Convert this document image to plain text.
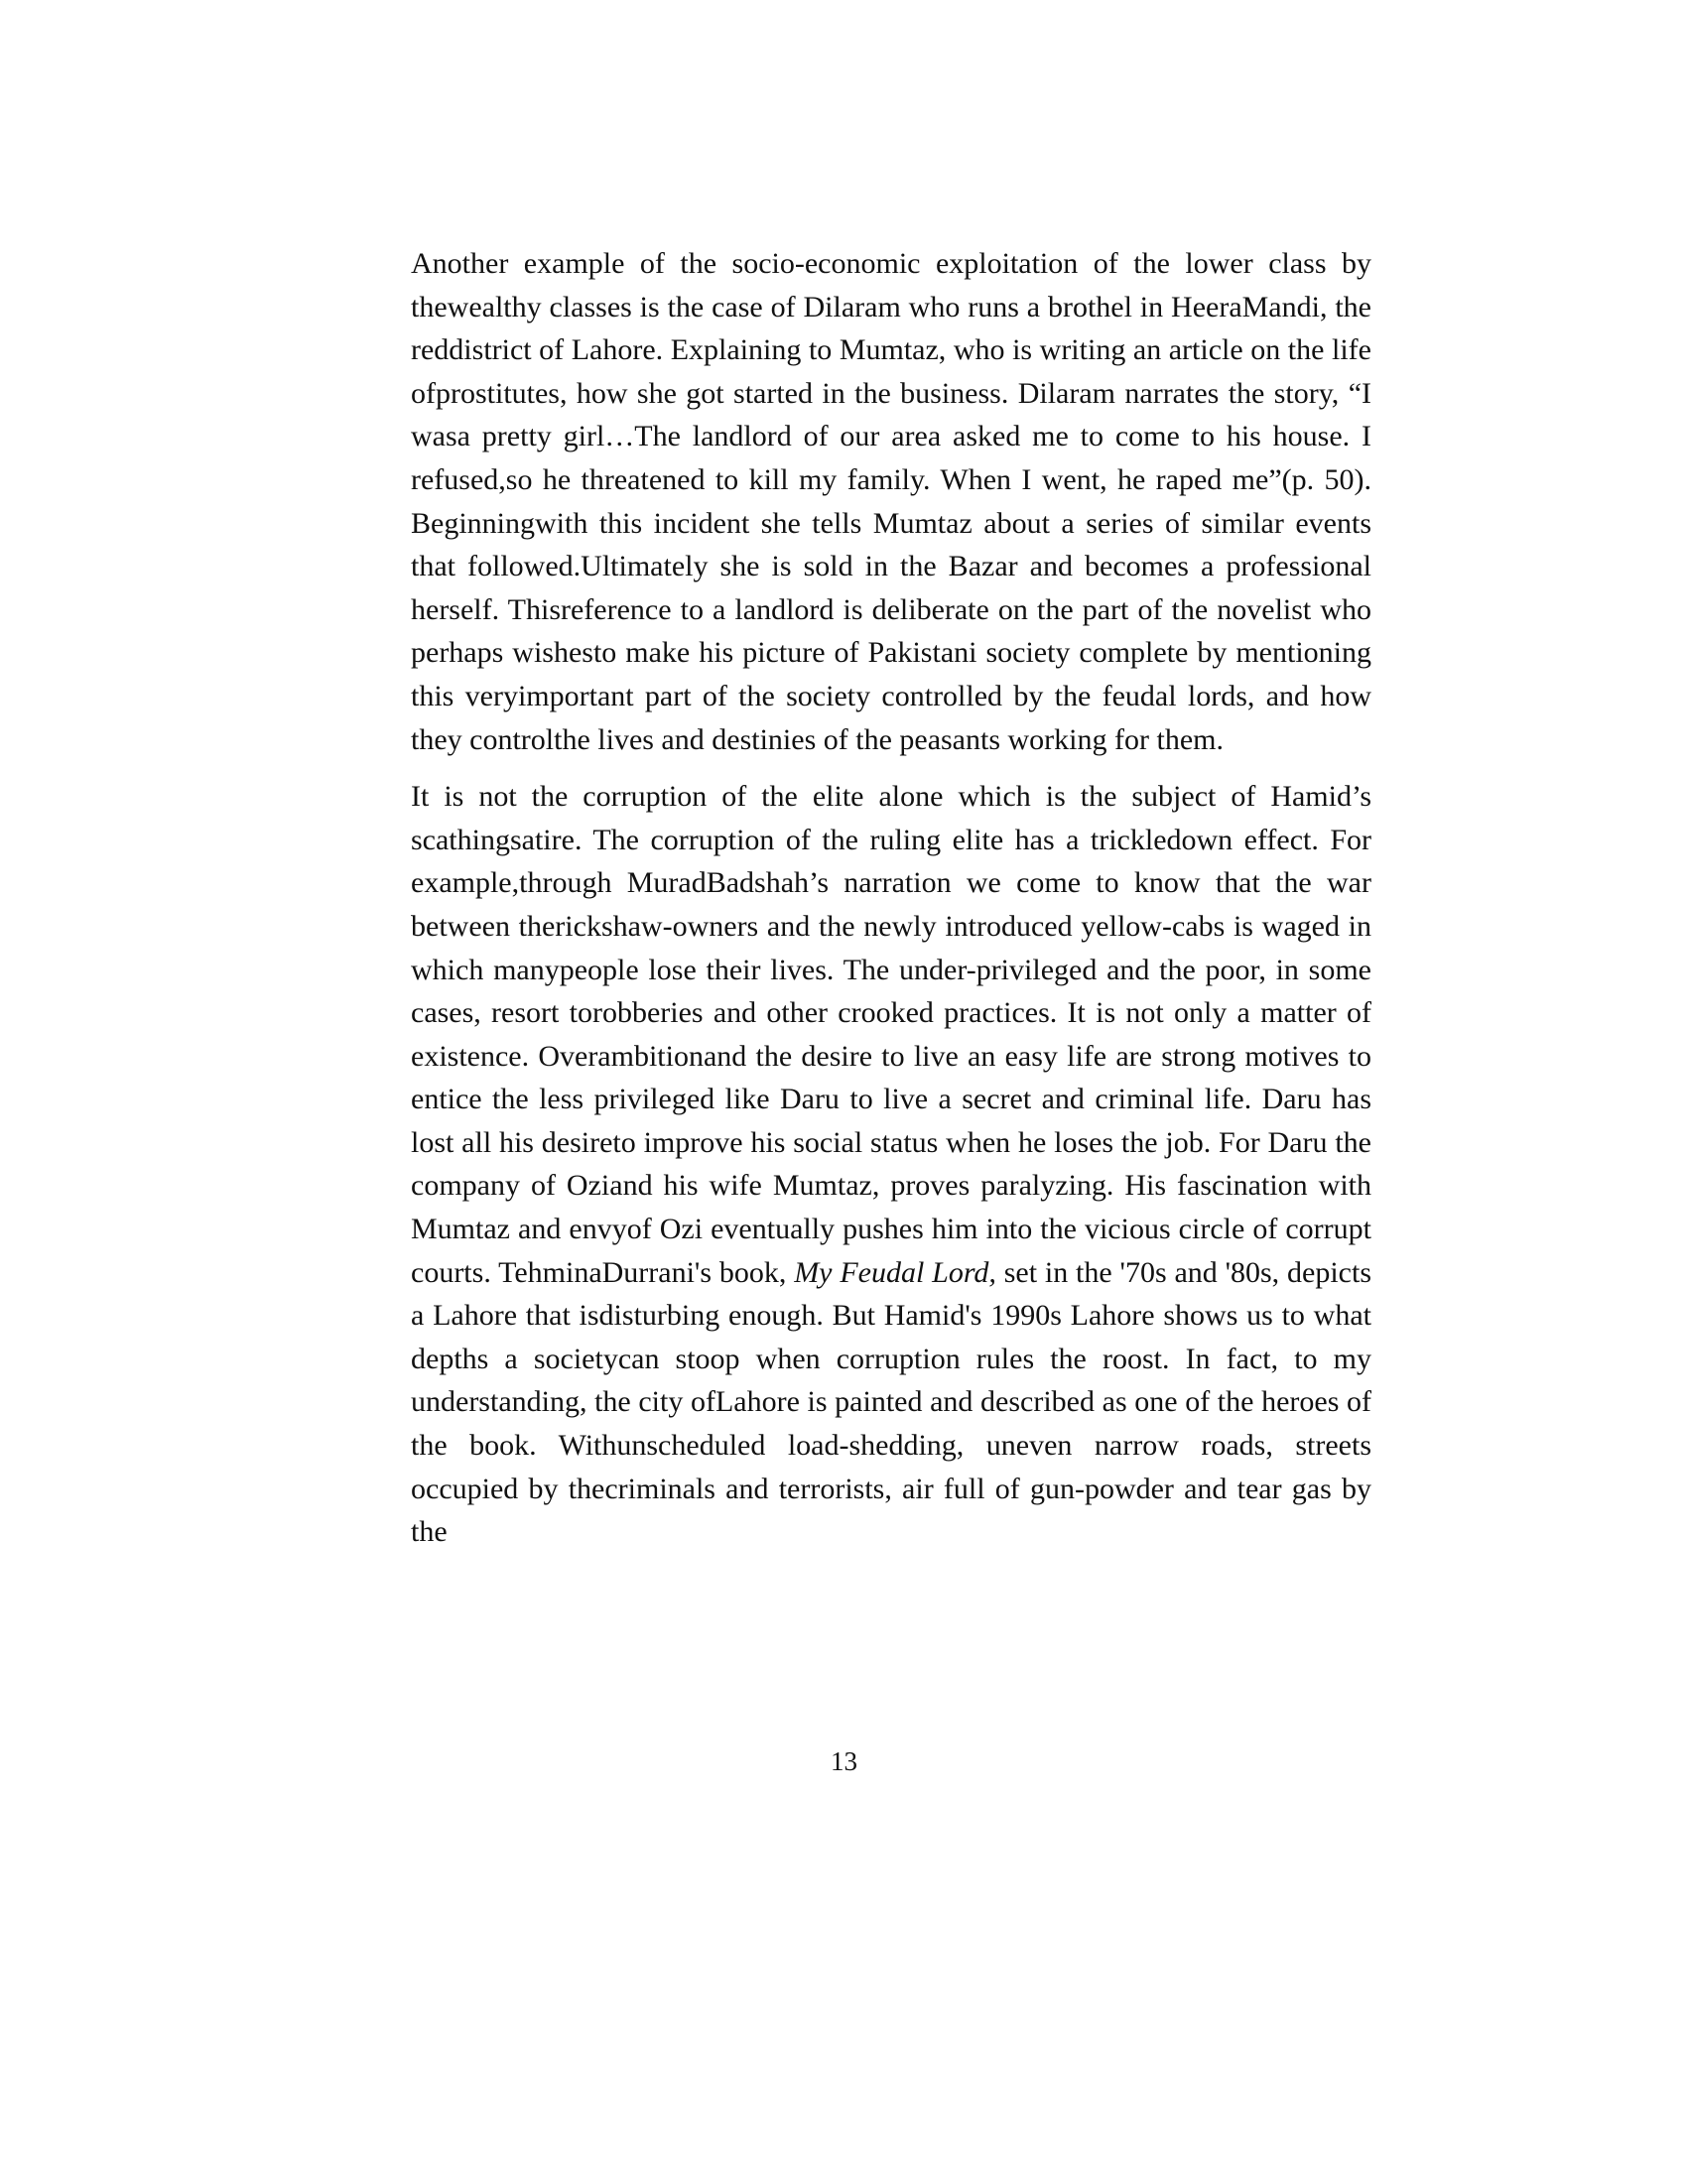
Another example of the socio-economic exploitation of the lower class by thewealthy classes is the case of Dilaram who runs a brothel in HeeraMandi, the reddistrict of Lahore. Explaining to Mumtaz, who is writing an article on the life ofprostitutes, how she got started in the business. Dilaram narrates the story, “I wasa pretty girl…The landlord of our area asked me to come to his house. I refused,so he threatened to kill my family. When I went, he raped me”(p. 50). Beginningwith this incident she tells Mumtaz about a series of similar events that followed.Ultimately she is sold in the Bazar and becomes a professional herself. Thisreference to a landlord is deliberate on the part of the novelist who perhaps wishesto make his picture of Pakistani society complete by mentioning this veryimportant part of the society controlled by the feudal lords, and how they controlthe lives and destinies of the peasants working for them.

It is not the corruption of the elite alone which is the subject of Hamid’s scathingsatire. The corruption of the ruling elite has a trickledown effect. For example,through MuradBadshah’s narration we come to know that the war between therickshaw-owners and the newly introduced yellow-cabs is waged in which manypeople lose their lives. The under-privileged and the poor, in some cases, resort torobberies and other crooked practices. It is not only a matter of existence. Overambitionand the desire to live an easy life are strong motives to entice the less privileged like Daru to live a secret and criminal life. Daru has lost all his desireto improve his social status when he loses the job. For Daru the company of Oziand his wife Mumtaz, proves paralyzing. His fascination with Mumtaz and envyof Ozi eventually pushes him into the vicious circle of corrupt courts. TehminaDurrani's book, My Feudal Lord, set in the '70s and '80s, depicts a Lahore that isdisturbing enough. But Hamid's 1990s Lahore shows us to what depths a societycan stoop when corruption rules the roost. In fact, to my understanding, the city ofLahore is painted and described as one of the heroes of the book. Withunscheduled load-shedding, uneven narrow roads, streets occupied by thecriminals and terrorists, air full of gun-powder and tear gas by the

13
